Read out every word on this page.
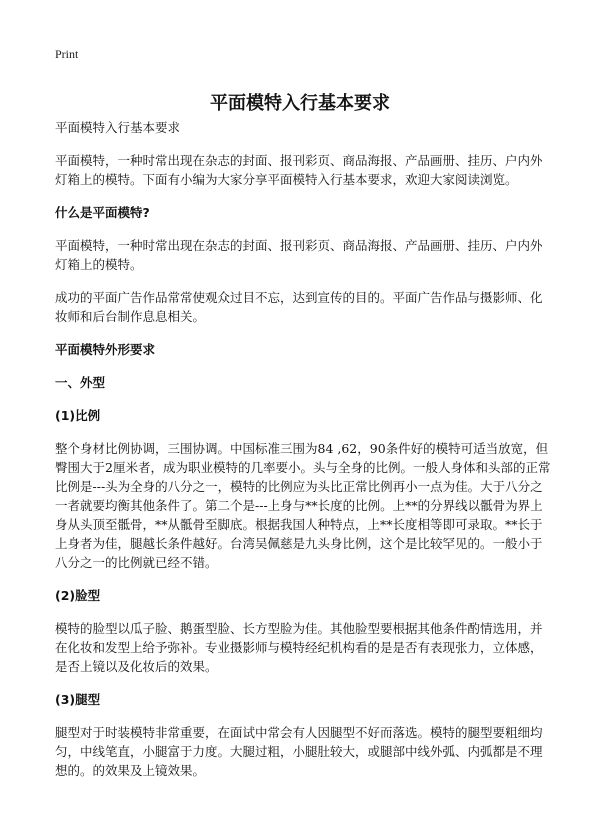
Print
平面模特入行基本要求

平面模特入行基本要求

平面模特，一种时常出现在杂志的封面、报刊彩页、商品海报、产品画册、挂历、户内外灯箱上的模特。下面有小编为大家分享平面模特入行基本要求，欢迎大家阅读浏览。

什么是平面模特?

平面模特，一种时常出现在杂志的封面、报刊彩页、商品海报、产品画册、挂历、户内外灯箱上的模特。

成功的平面广告作品常常使观众过目不忘，达到宣传的目的。平面广告作品与摄影师、化妆师和后台制作息息相关。

平面模特外形要求
一、外型
(1)比例

整个身材比例协调，三围协调。中国标准三围为84 ,62，90条件好的模特可适当放宽，但臀围大于2厘米者，成为职业模特的几率要小。头与全身的比例。一般人身体和头部的正常比例是---头为全身的八分之一，模特的比例应为头比正常比例再小一点为佳。大于八分之一者就要均衡其他条件了。第二个是---上身与**长度的比例。上**的分界线以骶骨为界上身从头顶至骶骨，**从骶骨至脚底。根据我国人种特点，上**长度相等即可录取。**长于上身者为佳，腿越长条件越好。台湾吴佩慈是九头身比例，这个是比较罕见的。一般小于八分之一的比例就已经不错。

(2)脸型

模特的脸型以瓜子脸、鹅蛋型脸、长方型脸为佳。其他脸型要根据其他条件酌情选用，并在化妆和发型上给予弥补。专业摄影师与模特经纪机构看的是是否有表现张力，立体感，是否上镜以及化妆后的效果。

(3)腿型

腿型对于时装模特非常重要，在面试中常会有人因腿型不好而落选。模特的腿型要粗细均匀，中线笔直，小腿富于力度。大腿过粗，小腿肚较大，或腿部中线外弧、内弧都是不理想的。的效果及上镜效果。
